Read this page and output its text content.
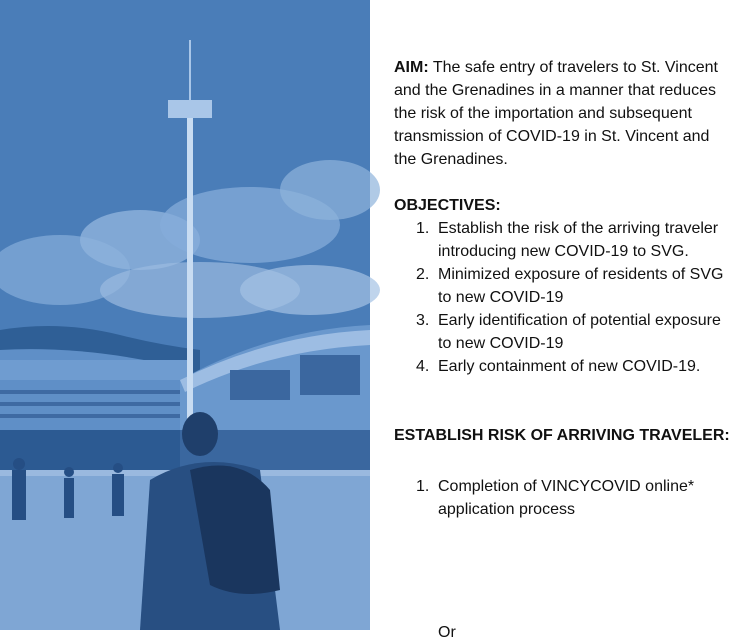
AIM: The safe entry of travelers to St. Vincent and the Grenadines in a manner that reduces the risk of the importation and subsequent transmission of COVID-19 in St. Vincent and the Grenadines.

OBJECTIVES:
1. Establish the risk of the arriving traveler introducing new COVID-19 to SVG.
2. Minimized exposure of residents of SVG to new COVID-19
3. Early identification of potential exposure to new COVID-19
4. Early containment of new COVID-19.
ESTABLISH RISK OF ARRIVING TRAVELER:
1. Completion of VINCYCOVID online* application process
Or
